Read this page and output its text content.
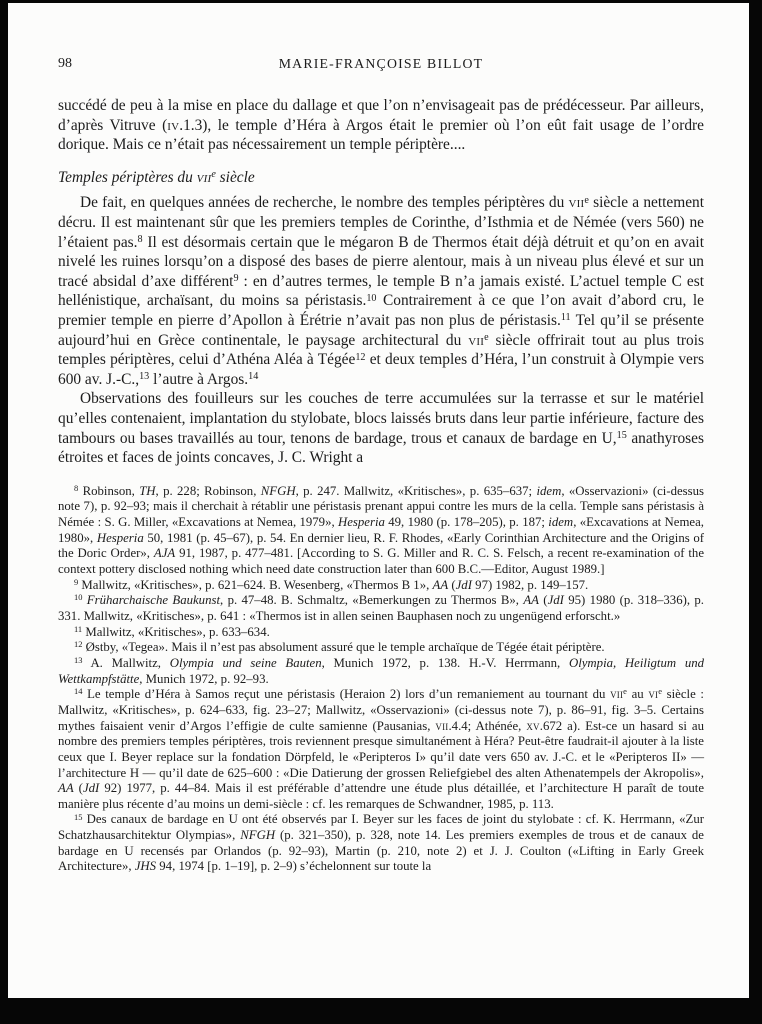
98	MARIE-FRANÇOISE BILLOT

succédé de peu à la mise en place du dallage et que l’on n’envisageait pas de prédécesseur. Par ailleurs, d’après Vitruve (iv.1.3), le temple d’Héra à Argos était le premier où l’on eût fait usage de l’ordre dorique. Mais ce n’était pas nécessairement un temple périptère....

Temples périptères du vii$^e$ siècle

De fait, en quelques années de recherche, le nombre des temples périptères du vii$^e$ siècle a nettement décru. Il est maintenant sûr que les premiers temples de Corinthe, d’Isthmia et de Némée (vers 560) ne l’étaient pas.$^8$ Il est désormais certain que le mégaron B de Thermos était déjà détruit et qu’on en avait nivelé les ruines lorsqu’on a disposé des bases de pierre alentour, mais à un niveau plus élevé et sur un tracé absidal d’axe différent$^9$ : en d’autres termes, le temple B n’a jamais existé. L’actuel temple C est hellénistique, archaïsant, du moins sa péristasis.$^{10}$ Contrairement à ce que l’on avait d’abord cru, le premier temple en pierre d’Apollon à Érétrie n’avait pas non plus de péristasis.$^{11}$ Tel qu’il se présente aujourd’hui en Grèce continentale, le paysage architectural du vii$^e$ siècle offrirait tout au plus trois temples périptères, celui d’Athéna Aléa à Tégée$^{12}$ et deux temples d’Héra, l’un construit à Olympie vers 600 av. J.-C.,$^{13}$ l’autre à Argos.$^{14}$

Observations des fouilleurs sur les couches de terre accumulées sur la terrasse et sur le matériel qu’elles contenaient, implantation du stylobate, blocs laissés bruts dans leur partie inférieure, facture des tambours ou bases travaillés au tour, tenons de bardage, trous et canaux de bardage en U,$^{15}$ anathyroses étroites et faces de joints concaves, J. C. Wright a

$^8$ Robinson, TH, p. 228; Robinson, NFGH, p. 247. Mallwitz, «Kritisches», p. 635–637; idem, «Osservazioni» (ci-dessus note 7), p. 92–93; mais il cherchait à rétablir une péristasis prenant appui contre les murs de la cella. Temple sans péristasis à Némée : S. G. Miller, «Excavations at Nemea, 1979», Hesperia 49, 1980 (p. 178–205), p. 187; idem, «Excavations at Nemea, 1980», Hesperia 50, 1981 (p. 45–67), p. 54. En dernier lieu, R. F. Rhodes, «Early Corinthian Architecture and the Origins of the Doric Order», AJA 91, 1987, p. 477–481. [According to S. G. Miller and R. C. S. Felsch, a recent re-examination of the context pottery disclosed nothing which need date construction later than 600 B.C.—Editor, August 1989.]

$^9$ Mallwitz, «Kritisches», p. 621–624. B. Wesenberg, «Thermos B 1», AA (JdI 97) 1982, p. 149–157.

$^{10}$ Früharchaische Baukunst, p. 47–48. B. Schmaltz, «Bemerkungen zu Thermos B», AA (JdI 95) 1980 (p. 318–336), p. 331. Mallwitz, «Kritisches», p. 641 : «Thermos ist in allen seinen Bauphasen noch zu ungenügend erforscht.»

$^{11}$ Mallwitz, «Kritisches», p. 633–634.

$^{12}$ Østby, «Tegea». Mais il n’est pas absolument assuré que le temple archaïque de Tégée était périptère.

$^{13}$ A. Mallwitz, Olympia und seine Bauten, Munich 1972, p. 138. H.-V. Herrmann, Olympia, Heiligtum und Wettkampfstätte, Munich 1972, p. 92–93.

$^{14}$ Le temple d’Héra à Samos reçut une péristasis (Heraion 2) lors d’un remaniement au tournant du vii$^e$ au $vi^e$ siècle : Mallwitz, «Kritisches», p. 624–633, fig. 23–27; Mallwitz, «Osservazioni» (ci-dessus note 7), p. 86–91, fig. 3–5. Certains mythes faisaient venir d’Argos l’effigie de culte samienne (Pausanias, vii.4.4; Athénée, xv.672 a). Est-ce un hasard si au nombre des premiers temples périptères, trois reviennent presque simultanément à Héra? Peut-être faudrait-il ajouter à la liste ceux que I. Beyer replace sur la fondation Dörpfeld, le «Peripteros I» qu’il date vers 650 av. J.-C. et le «Peripteros II» — l’architecture H — qu’il date de 625–600 : «Die Datierung der grossen Reliefgiebel des alten Athenatempels der Akropolis», AA (JdI 92) 1977, p. 44–84. Mais il est préférable d’attendre une étude plus détaillée, et l’architecture H paraît de toute manière plus récente d’au moins un demi-siècle : cf. les remarques de Schwandner, 1985, p. 113.

$^{15}$ Des canaux de bardage en U ont été observés par I. Beyer sur les faces de joint du stylobate : cf. K. Herrmann, «Zur Schatzhausarchitektur Olympias», NFGH (p. 321–350), p. 328, note 14. Les premiers exemples de trous et de canaux de bardage en U recensés par Orlandos (p. 92–93), Martin (p. 210, note 2) et J. J. Coulton («Lifting in Early Greek Architecture», JHS 94, 1974 [p. 1–19], p. 2–9) s’échelonnent sur toute la
